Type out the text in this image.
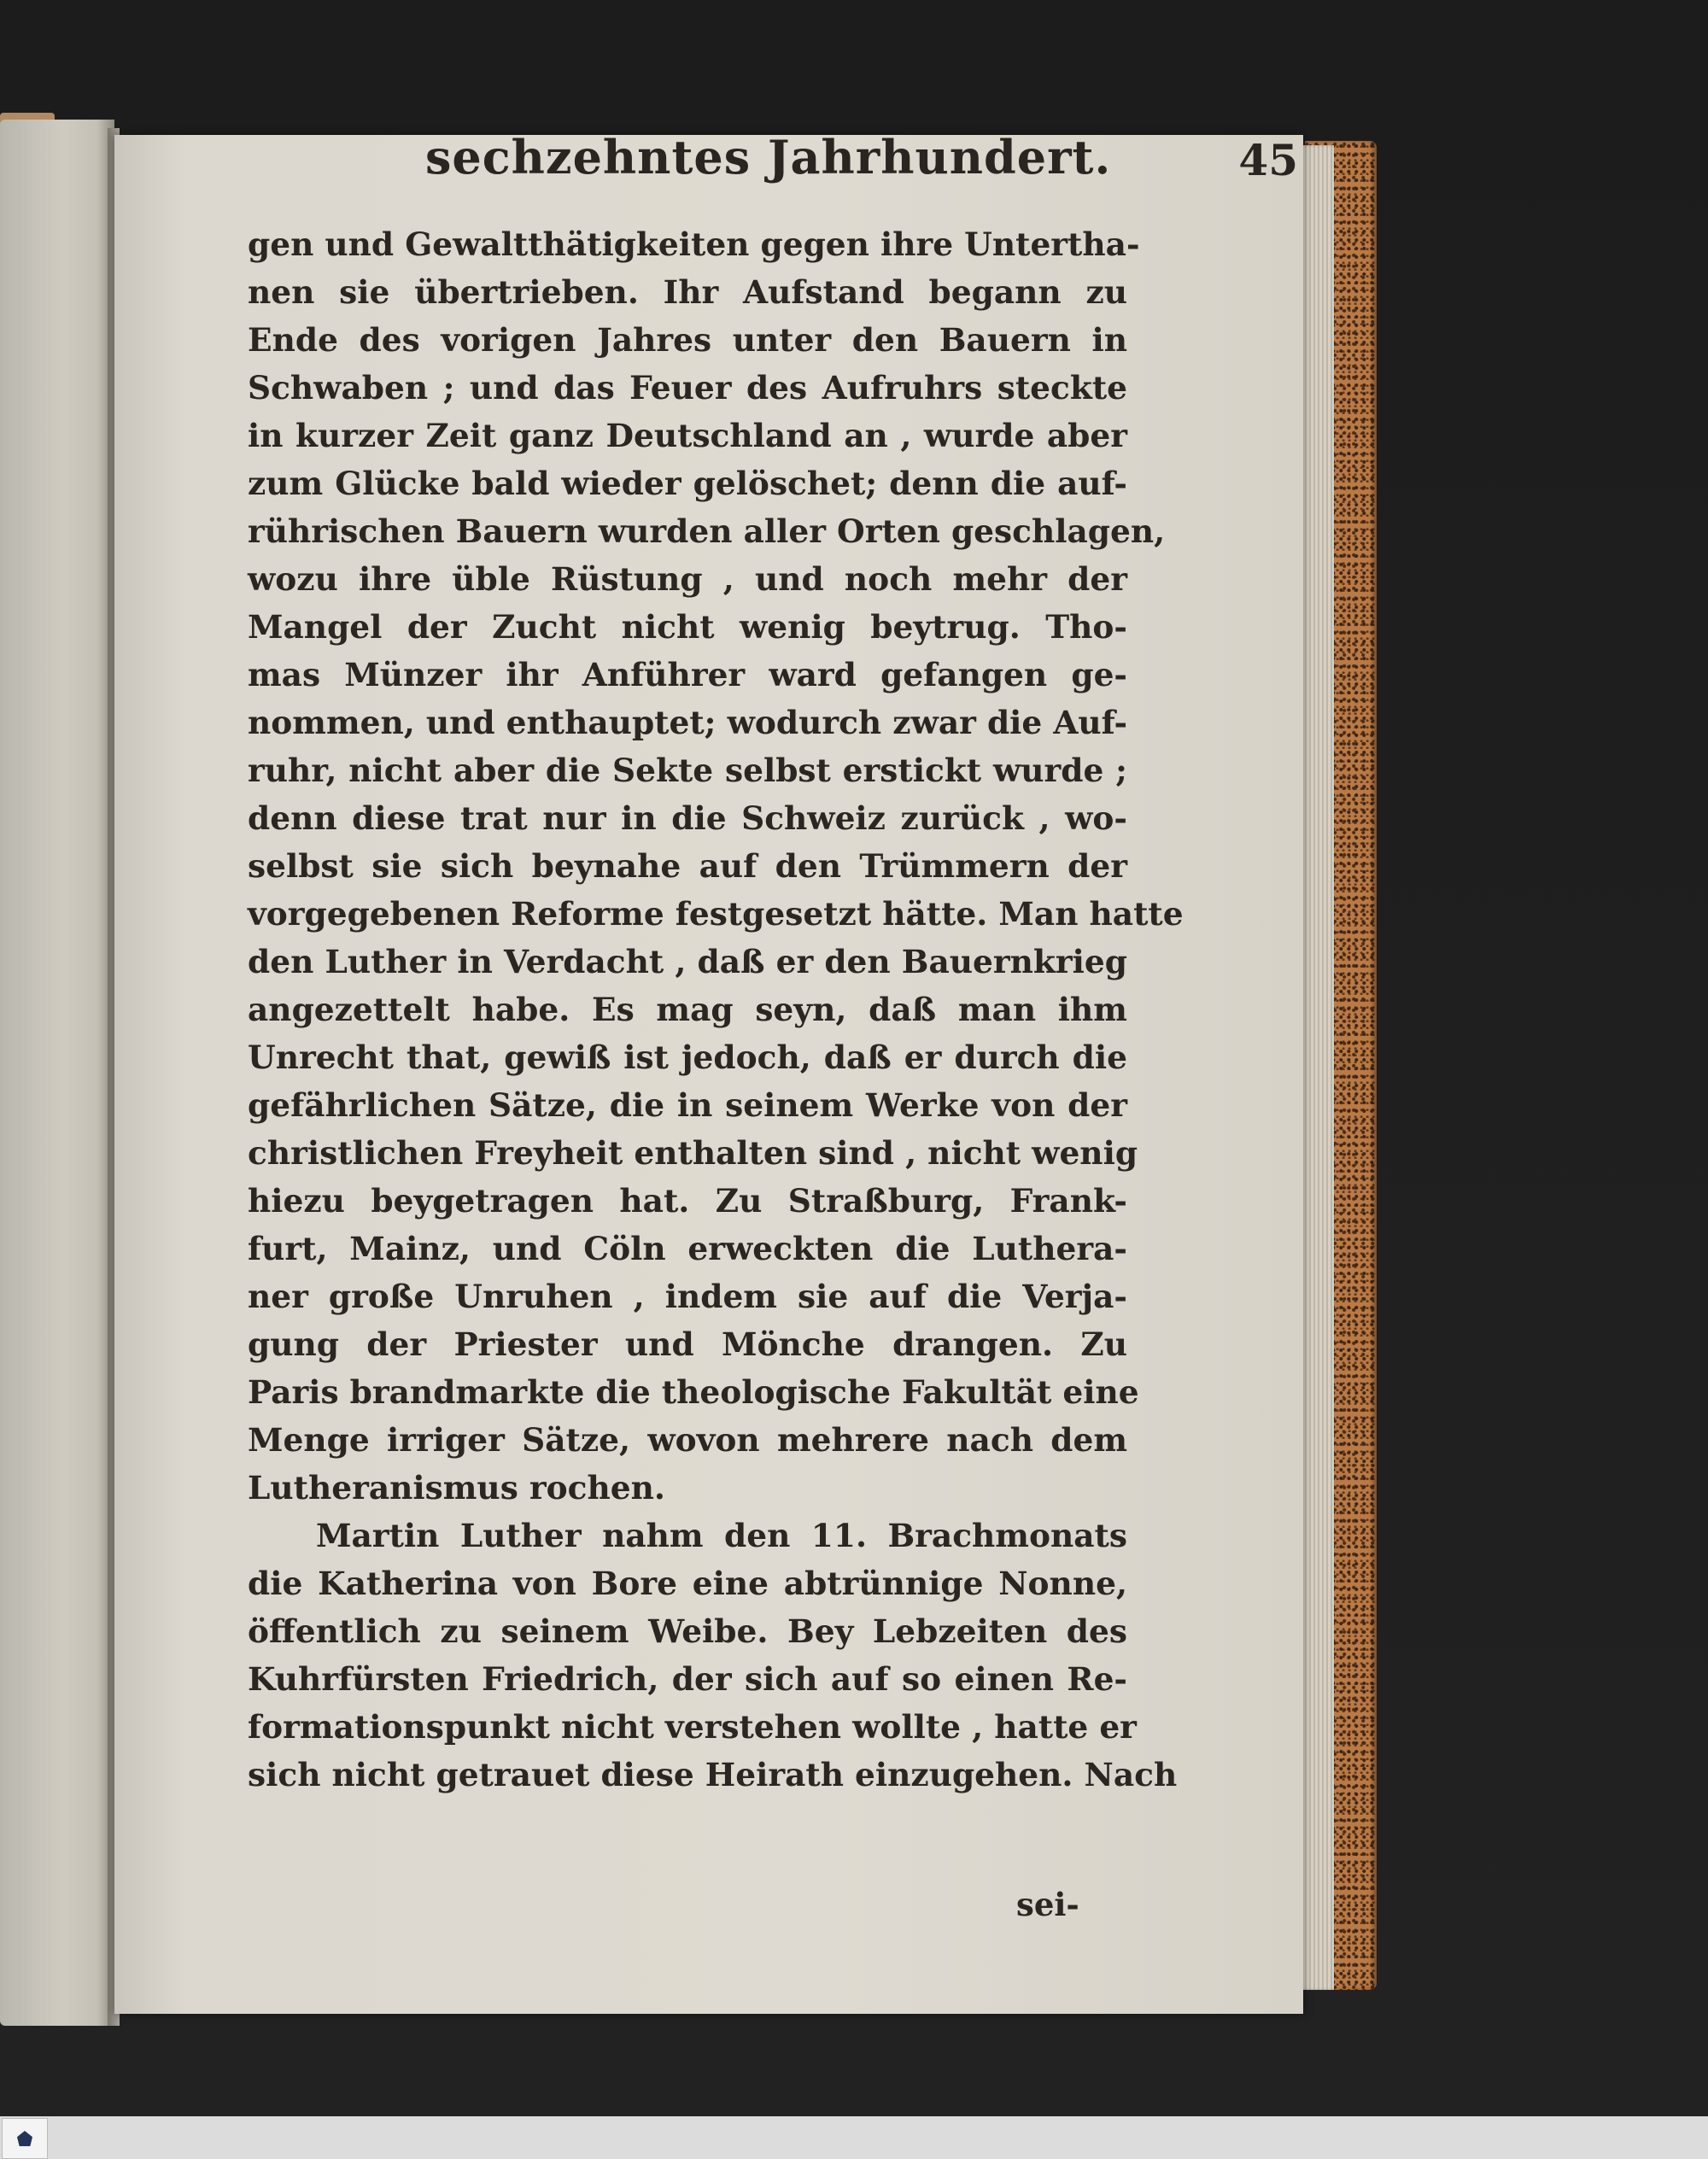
sechzehntes Jahrhundert.	45
gen und Gewaltthätigkeiten gegen ihre Untertha-
nen sie übertrieben. Ihr Aufstand begann zu
Ende des vorigen Jahres unter den Bauern in
Schwaben ; und das Feuer des Aufruhrs steckte
in kurzer Zeit ganz Deutschland an , wurde aber
zum Glücke bald wieder gelöschet; denn die auf-
rührischen Bauern wurden aller Orten geschlagen,
wozu ihre üble Rüstung , und noch mehr der
Mangel der Zucht nicht wenig beytrug. Tho-
mas Münzer ihr Anführer ward gefangen ge-
nommen, und enthauptet; wodurch zwar die Auf-
ruhr, nicht aber die Sekte selbst erstickt wurde ;
denn diese trat nur in die Schweiz zurück , wo-
selbst sie sich beynahe auf den Trümmern der
vorgegebenen Reforme festgesetzt hätte. Man hatte
den Luther in Verdacht , daß er den Bauernkrieg
angezettelt habe. Es mag seyn, daß man ihm
Unrecht that, gewiß ist jedoch, daß er durch die
gefährlichen Sätze, die in seinem Werke von der
christlichen Freyheit enthalten sind , nicht wenig
hiezu beygetragen hat. Zu Straßburg, Frank-
furt, Mainz, und Cöln erweckten die Luthera-
ner große Unruhen , indem sie auf die Verja-
gung der Priester und Mönche drangen. Zu
Paris brandmarkte die theologische Fakultät eine
Menge irriger Sätze, wovon mehrere nach dem
Lutheranismus rochen.
Martin Luther nahm den 11. Brachmonats
die Katherina von Bore eine abtrünnige Nonne,
öffentlich zu seinem Weibe. Bey Lebzeiten des
Kuhrfürsten Friedrich, der sich auf so einen Re-
formationspunkt nicht verstehen wollte , hatte er
sich nicht getrauet diese Heirath einzugehen. Nach
sei-
